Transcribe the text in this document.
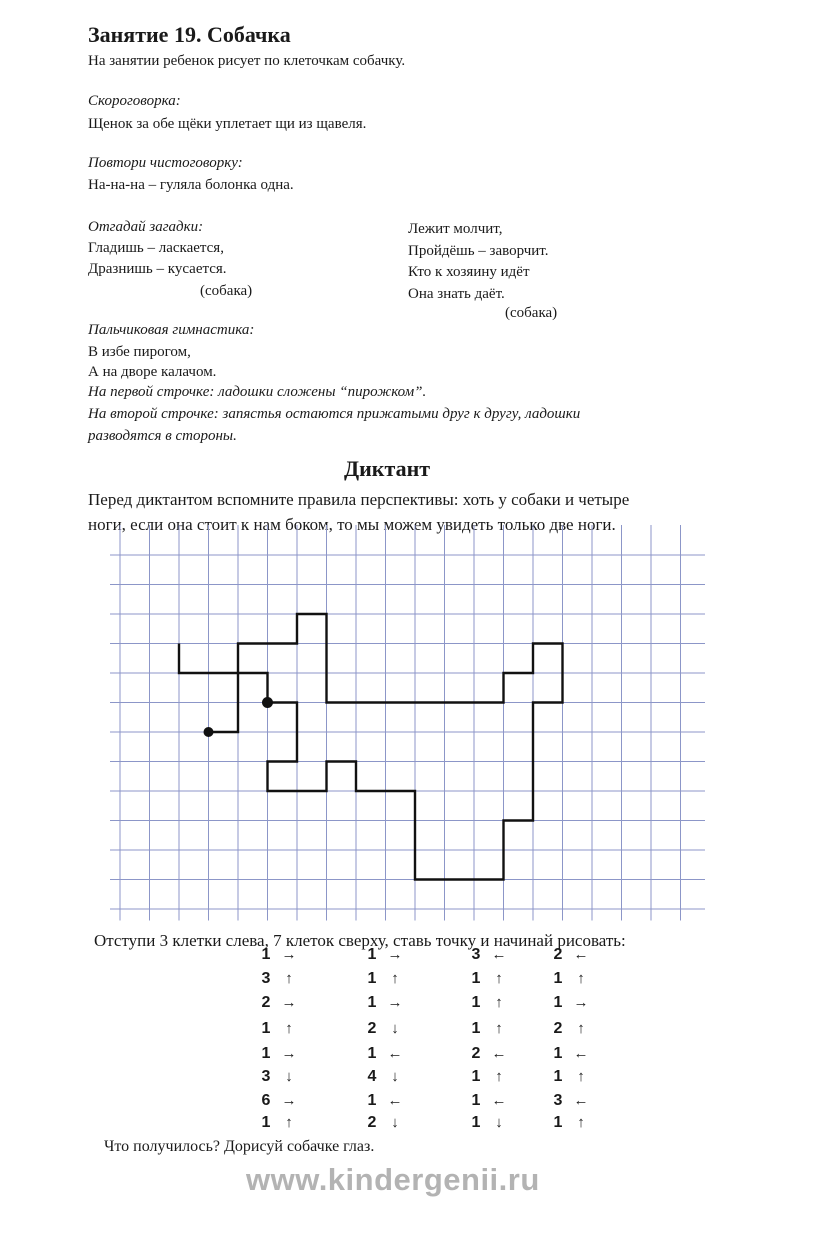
Занятие 19. Собачка
На занятии ребенок рисует по клеточкам собачку.
Скороговорка:
Щенок за обе щёки уплетает щи из щавеля.
Повтори чистоговорку:
На-на-на – гуляла болонка одна.
Отгадай загадки:
Гладишь – ласкается,
Дразнишь – кусается.
(собака)
Лежит молчит,
Пройдёшь – заворчит.
Кто к хозяину идёт
Она знать даёт.
(собака)
Пальчиковая гимнастика:
В избе пирогом,
А на дворе калачом.
На первой строчке: ладошки сложены “пирожком”.
На второй строчке: запястья остаются прижатыми друг к другу, ладошки
разводятся в стороны.
Диктант
Перед диктантом вспомните правила перспективы: хоть у собаки и четыре
ноги, если она стоит к нам боком, то мы можем увидеть только две ноги.
Отступи 3 клетки слева, 7 клеток сверху, ставь точку и начинай рисовать:
1 →
3 ↑
2 →
1 ↑
1 →
3 ↓
6 →
1 ↑
1 →
1 ↑
1 →
2 ↓
1 ←
4 ↓
1 ←
2 ↓
3 ←
1 ↑
1 ↑
1 ↑
2 ←
1 ↑
1 ←
1 ↓
2 ←
1 ↑
1 →
2 ↑
1 ←
1 ↑
3 ←
1 ↑
Что получилось? Дорисуй собачке глаз.
www.kindergenii.ru
